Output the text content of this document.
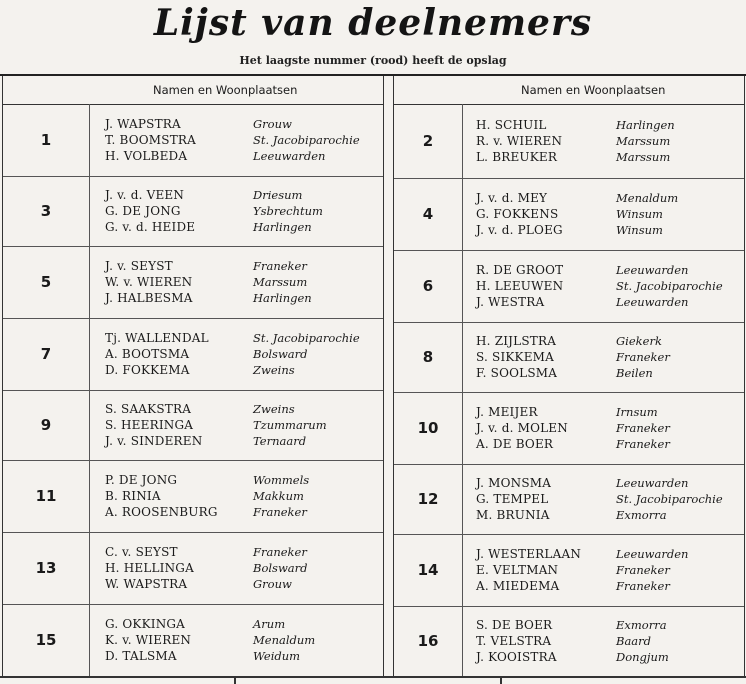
Lijst van deelnemers
Het laagste nummer (rood) heeft de opslag
Namen en Woonplaatsen
1
J. WAPSTRA	Grouw
T. BOOMSTRA	St. Jacobiparochie
H. VOLBEDA	Leeuwarden
3
J. v. d. VEEN	Driesum
G. DE JONG	Ysbrechtum
G. v. d. HEIDE	Harlingen
5
J. v. SEYST	Franeker
W. v. WIEREN	Marssum
J. HALBESMA	Harlingen
7
Tj. WALLENDAL	St. Jacobiparochie
A. BOOTSMA	Bolsward
D. FOKKEMA	Zweins
9
S. SAAKSTRA	Zweins
S. HEERINGA	Tzummarum
J. v. SINDEREN	Ternaard
11
P. DE JONG	Wommels
B. RINIA	Makkum
A. ROOSENBURG	Franeker
13
C. v. SEYST	Franeker
H. HELLINGA	Bolsward
W. WAPSTRA	Grouw
15
G. OKKINGA	Arum
K. v. WIEREN	Menaldum
D. TALSMA	Weidum
Namen en Woonplaatsen
2
H. SCHUIL	Harlingen
R. v. WIEREN	Marssum
L. BREUKER	Marssum
4
J. v. d. MEY	Menaldum
G. FOKKENS	Winsum
J. v. d. PLOEG	Winsum
6
R. DE GROOT	Leeuwarden
H. LEEUWEN	St. Jacobiparochie
J. WESTRA	Leeuwarden
8
H. ZIJLSTRA	Giekerk
S. SIKKEMA	Franeker
F. SOOLSMA	Beilen
10
J. MEIJER	Irnsum
J. v. d. MOLEN	Franeker
A. DE BOER	Franeker
12
J. MONSMA	Leeuwarden
G. TEMPEL	St. Jacobiparochie
M. BRUNIA	Exmorra
14
J. WESTERLAAN	Leeuwarden
E. VELTMAN	Franeker
A. MIEDEMA	Franeker
16
S. DE BOER	Exmorra
T. VELSTRA	Baard
J. KOOISTRA	Dongjum
